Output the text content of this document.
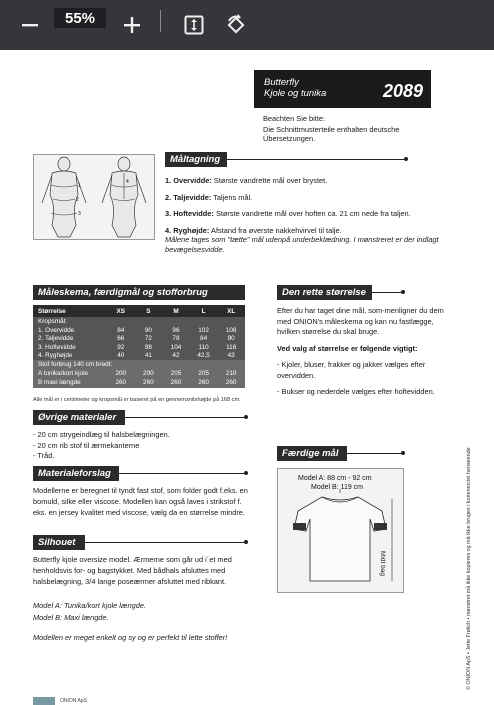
55%
Butterfly
Kjole og tunika	2089
Beachten Sie bitte:
Die Schnittmusterteile enthalten deutsche
Übersetzungen.
1
2
3
4
Måltagning
1. Overvidde: Største vandrette mål over brystet.
2. Taljevidde: Taljens mål.
3. Hoftevidde: Største vandrette mål over hoften ca. 21 cm nede fra taljen.
4. Ryghøjde: Afstand fra øverste nakkehvirvel til talje.
Målene tages som "tætte" mål udenpå underbeklædning. I mønstreret er der indlagt bevægelsesvidde.
Måleskema, færdigmål og stofforbrug
Størrelse	XS	S	M	L	XL
Kropsmål:
1. Overvidde	84	90	96	102	108
2. Taljevidde	66	72	78	84	90
3. Hoftevidde	92	98	104	110	116
4. Ryghøjde	40	41	42	42,5	43
Stof forbrug 140 cm bredt:
A tunika/kort kjole	200	200	205	205	210
B maxi længde	260	260	260	260	260
Alle mål er i centimeter og kropsmål er baseret på en gennemsnitshøjde på 168 cm.
Øvrige materialer
- 20 cm strygeindlæg til halsbelægningen.
- 20 cm rib stof til ærmekanterne
- Tråd.
Materialeforslag
Modellerne er beregnet til tyndt fast stof, som folder godt f.eks. en bomuld, silke eller viscose. Modellen kan også laves i strikstof f. eks. en jersey kvalitet med viscose, vælg da en størrelse mindre.
Silhouet
Butterfly kjole oversize model. Ærmerne som går ud i´et med henholdsvis for- og bagstykket. Med bådhals afsluttes med halsbelægning, 3/4 lange poseærmer afsluttet med ribkant.
Model A: Tunika/kort kjole længde.
Model B: Maxi længde.
Modellen er meget enkelt og sy og er perfekt til lette stoffer!
Den rette størrelse

Efter du har taget dine mål, som-menligner du dem med ONION's måleskema og kan nu fastlægge, hvilken størrelse du skal bruge.

Ved valg af størrelse er følgende vigtigt:

- Kjoler, bluser, frakker og jakker vælges efter overvidden.

- Bukser og nederdele vælges efter hoftevidden.

Færdige mål
Model A: 88 cm - 92 cm
Model B: 119 cm
Midt bag	© ONION ApS • Jette Frølich • mønstret må ikke kopieres og må ikke bruges i kommerciel henseende
ONION ApS
